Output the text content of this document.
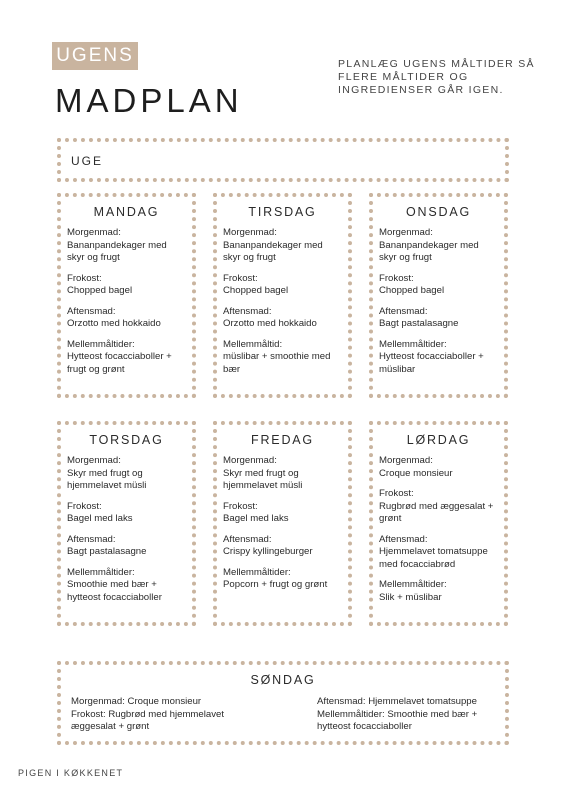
UGENS
MADPLAN

PLANLÆG UGENS MÅLTIDER SÅ FLERE MÅLTIDER OG INGREDIENSER GÅR IGEN.

UGE
MANDAG
Morgenmad:
Bananpandekager med skyr og frugt
Frokost:
Chopped bagel
Aftensmad:
Orzotto med hokkaido
Mellemmåltider:
Hytteost focacciaboller + frugt og grønt
TIRSDAG
Morgenmad:
Bananpandekager med skyr og frugt
Frokost:
Chopped bagel
Aftensmad:
Orzotto med hokkaido
Mellemmåltid:
müslibar + smoothie med bær
ONSDAG
Morgenmad:
Bananpandekager med skyr og frugt
Frokost:
Chopped bagel
Aftensmad:
Bagt pastalasagne
Mellemmåltider:
Hytteost focacciaboller + müslibar
TORSDAG
Morgenmad:
Skyr med frugt og hjemmelavet müsli
Frokost:
Bagel med laks
Aftensmad:
Bagt pastalasagne
Mellemmåltider:
Smoothie med bær + hytteost focacciaboller
FREDAG
Morgenmad:
Skyr med frugt og hjemmelavet müsli
Frokost:
Bagel med laks
Aftensmad:
Crispy kyllingeburger
Mellemmåltider:
Popcorn + frugt og grønt
LØRDAG
Morgenmad:
Croque monsieur
Frokost:
Rugbrød med æggesalat + grønt
Aftensmad:
Hjemmelavet tomatsuppe med focacciabrød
Mellemmåltider:
Slik + müslibar
SØNDAG
Morgenmad: Croque monsieur
Frokost: Rugbrød med hjemmelavet
æggesalat + grønt
Aftensmad: Hjemmelavet tomatsuppe
Mellemmåltider: Smoothie med bær +
hytteost focacciaboller
PIGEN I KØKKENET
